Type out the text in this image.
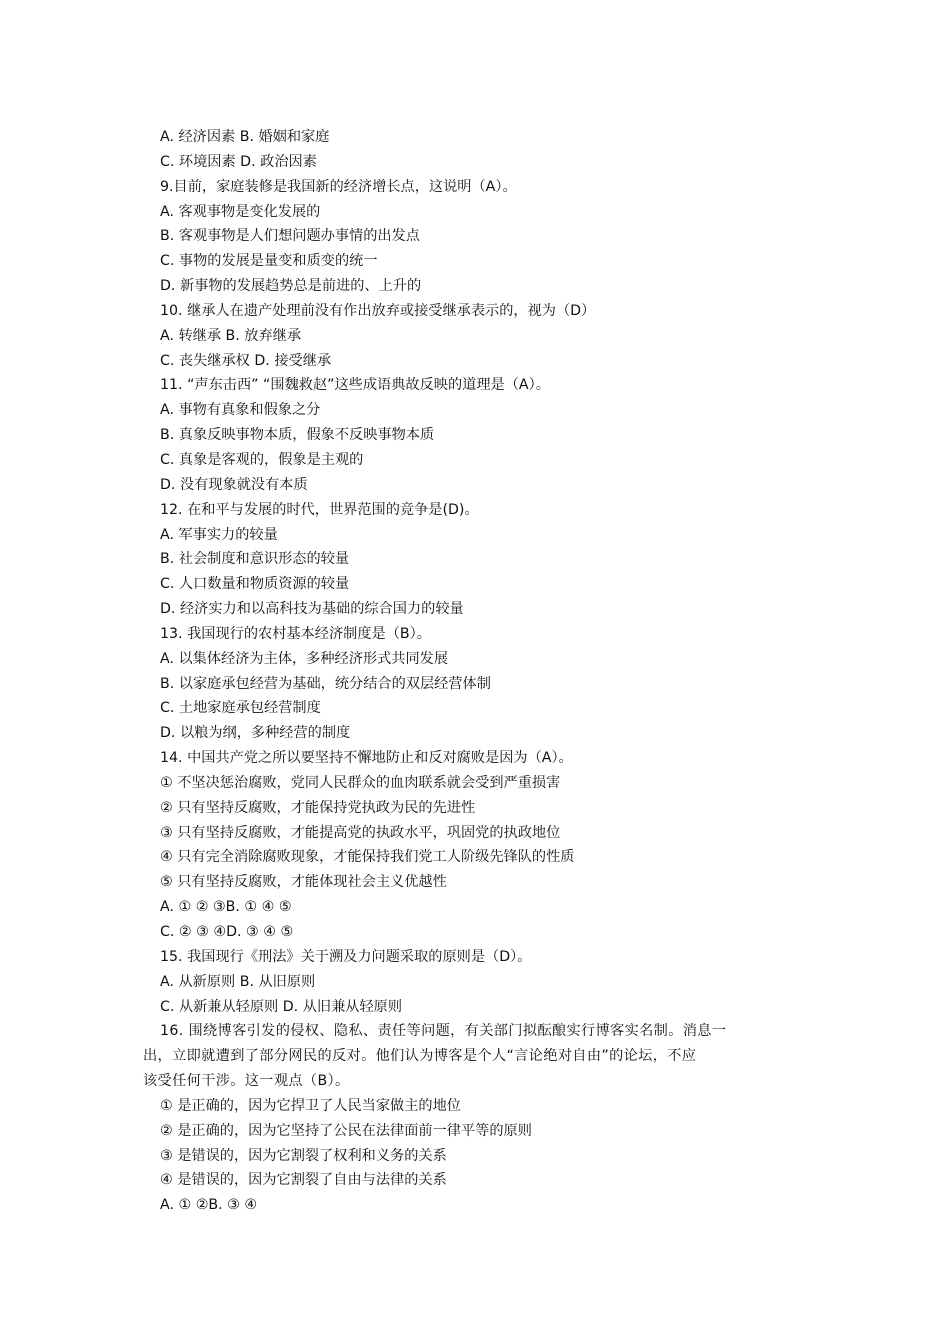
A. 经济因素 B. 婚姻和家庭
C. 环境因素 D. 政治因素
9.目前，家庭装修是我国新的经济增长点，这说明（A）。
A. 客观事物是变化发展的
B. 客观事物是人们想问题办事情的出发点
C. 事物的发展是量变和质变的统一
D. 新事物的发展趋势总是前进的、上升的
10. 继承人在遗产处理前没有作出放弃或接受继承表示的，视为（D）
A. 转继承 B. 放弃继承
C. 丧失继承权 D. 接受继承
11. “声东击西” “围魏救赵”这些成语典故反映的道理是（A）。
A. 事物有真象和假象之分
B. 真象反映事物本质，假象不反映事物本质
C. 真象是客观的，假象是主观的
D. 没有现象就没有本质
12. 在和平与发展的时代，世界范围的竞争是(D)。
A. 军事实力的较量
B. 社会制度和意识形态的较量
C. 人口数量和物质资源的较量
D. 经济实力和以高科技为基础的综合国力的较量
13. 我国现行的农村基本经济制度是（B）。
A. 以集体经济为主体，多种经济形式共同发展
B. 以家庭承包经营为基础，统分结合的双层经营体制
C. 土地家庭承包经营制度
D. 以粮为纲，多种经营的制度
14. 中国共产党之所以要坚持不懈地防止和反对腐败是因为（A）。
① 不坚决惩治腐败，党同人民群众的血肉联系就会受到严重损害
② 只有坚持反腐败，才能保持党执政为民的先进性
③ 只有坚持反腐败，才能提高党的执政水平，巩固党的执政地位
④ 只有完全消除腐败现象，才能保持我们党工人阶级先锋队的性质
⑤ 只有坚持反腐败，才能体现社会主义优越性
A. ① ② ③B. ① ④ ⑤
C. ② ③ ④D. ③ ④ ⑤
15. 我国现行《刑法》关于溯及力问题采取的原则是（D）。
A. 从新原则 B. 从旧原则
C. 从新兼从轻原则 D. 从旧兼从轻原则
16. 围绕博客引发的侵权、隐私、责任等问题，有关部门拟酝酿实行博客实名制。消息一
出，立即就遭到了部分网民的反对。他们认为博客是个人“言论绝对自由”的论坛，不应
该受任何干涉。这一观点（B）。
① 是正确的，因为它捍卫了人民当家做主的地位
② 是正确的，因为它坚持了公民在法律面前一律平等的原则
③ 是错误的，因为它割裂了权利和义务的关系
④ 是错误的，因为它割裂了自由与法律的关系
A. ① ②B. ③ ④
